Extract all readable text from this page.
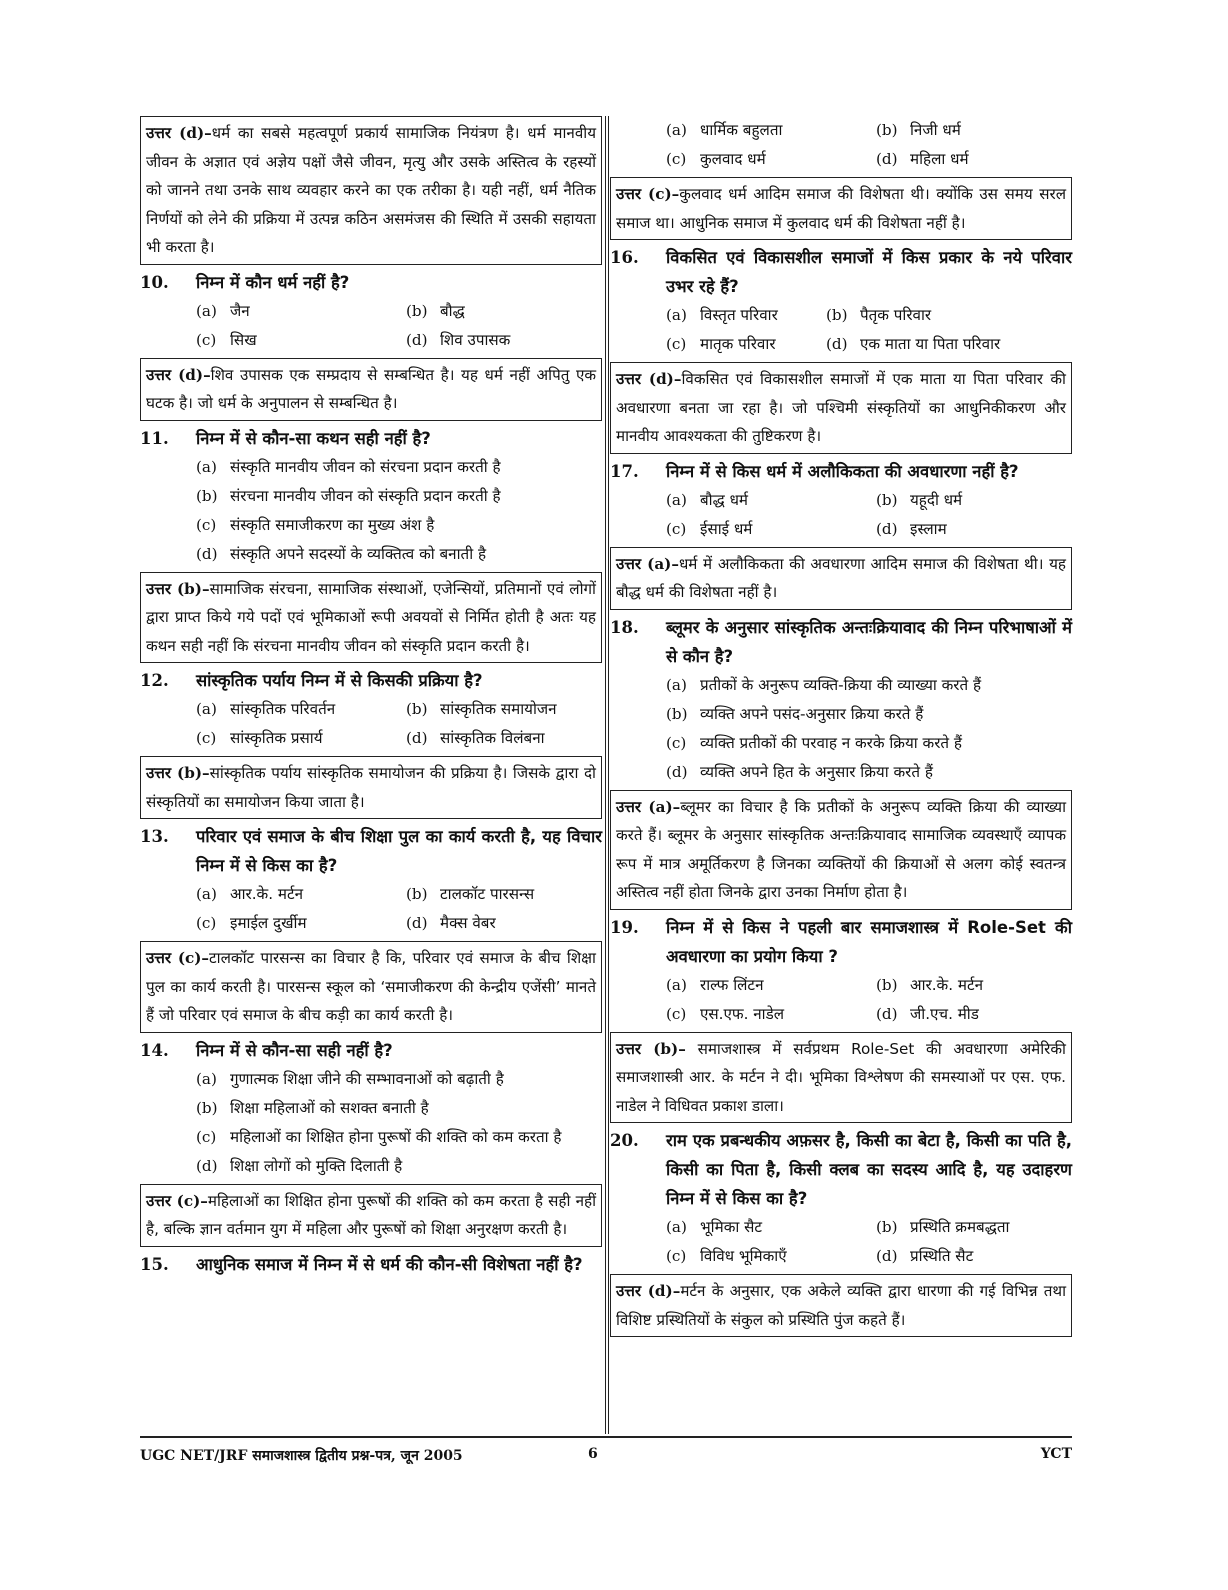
उत्तर (d)–धर्म का सबसे महत्वपूर्ण प्रकार्य सामाजिक नियंत्रण है। धर्म मानवीय जीवन के अज्ञात एवं अज्ञेय पक्षों जैसे जीवन, मृत्यु और उसके अस्तित्व के रहस्यों को जानने तथा उनके साथ व्यवहार करने का एक तरीका है। यही नहीं, धर्म नैतिक निर्णयों को लेने की प्रक्रिया में उत्पन्न कठिन असमंजस की स्थिति में उसकी सहायता भी करता है।
10.	निम्न में कौन धर्म नहीं है?
(a) जैन	(b) बौद्ध
(c) सिख	(d) शिव उपासक
उत्तर (d)–शिव उपासक एक सम्प्रदाय से सम्बन्धित है। यह धर्म नहीं अपितु एक घटक है। जो धर्म के अनुपालन से सम्बन्धित है।
11.	निम्न में से कौन-सा कथन सही नहीं है?
(a) संस्कृति मानवीय जीवन को संरचना प्रदान करती है
(b) संरचना मानवीय जीवन को संस्कृति प्रदान करती है
(c) संस्कृति समाजीकरण का मुख्य अंश है
(d) संस्कृति अपने सदस्यों के व्यक्तित्व को बनाती है
उत्तर (b)–सामाजिक संरचना, सामाजिक संस्थाओं, एजेन्सियों, प्रतिमानों एवं लोगों द्वारा प्राप्त किये गये पदों एवं भूमिकाओं रूपी अवयवों से निर्मित होती है अतः यह कथन सही नहीं कि संरचना मानवीय जीवन को संस्कृति प्रदान करती है।
12.	सांस्कृतिक पर्याय निम्न में से किसकी प्रक्रिया है?
(a) सांस्कृतिक परिवर्तन	(b) सांस्कृतिक समायोजन
(c) सांस्कृतिक प्रसार्य	(d) सांस्कृतिक विलंबना
उत्तर (b)–सांस्कृतिक पर्याय सांस्कृतिक समायोजन की प्रक्रिया है। जिसके द्वारा दो संस्कृतियों का समायोजन किया जाता है।
13.	परिवार एवं समाज के बीच शिक्षा पुल का कार्य करती है, यह विचार निम्न में से किस का है?
(a) आर.के. मर्टन	(b) टालकॉट पारसन्स
(c) इमाईल दुर्खीम	(d) मैक्स वेबर
उत्तर (c)–टालकॉट पारसन्स का विचार है कि, परिवार एवं समाज के बीच शिक्षा पुल का कार्य करती है। पारसन्स स्कूल को ‘समाजीकरण की केन्द्रीय एजेंसी’ मानते हैं जो परिवार एवं समाज के बीच कड़ी का कार्य करती है।
14.	निम्न में से कौन-सा सही नहीं है?
(a) गुणात्मक शिक्षा जीने की सम्भावनाओं को बढ़ाती है
(b) शिक्षा महिलाओं को सशक्त बनाती है
(c) महिलाओं का शिक्षित होना पुरूषों की शक्ति को कम करता है
(d) शिक्षा लोगों को मुक्ति दिलाती है
उत्तर (c)–महिलाओं का शिक्षित होना पुरूषों की शक्ति को कम करता है सही नहीं है, बल्कि ज्ञान वर्तमान युग में महिला और पुरूषों को शिक्षा अनुरक्षण करती है।
15.	आधुनिक समाज में निम्न में से धर्म की कौन-सी विशेषता नहीं है?
(a) धार्मिक बहुलता	(b) निजी धर्म
(c) कुलवाद धर्म	(d) महिला धर्म
उत्तर (c)–कुलवाद धर्म आदिम समाज की विशेषता थी। क्योंकि उस समय सरल समाज था। आधुनिक समाज में कुलवाद धर्म की विशेषता नहीं है।
16.	विकसित एवं विकासशील समाजों में किस प्रकार के नये परिवार उभर रहे हैं?
(a) विस्तृत परिवार	(b) पैतृक परिवार
(c) मातृक परिवार	(d) एक माता या पिता परिवार
उत्तर (d)–विकसित एवं विकासशील समाजों में एक माता या पिता परिवार की अवधारणा बनता जा रहा है। जो पश्चिमी संस्कृतियों का आधुनिकीकरण और मानवीय आवश्यकता की तुष्टिकरण है।
17.	निम्न में से किस धर्म में अलौकिकता की अवधारणा नहीं है?
(a) बौद्ध धर्म	(b) यहूदी धर्म
(c) ईसाई धर्म	(d) इस्लाम
उत्तर (a)–धर्म में अलौकिकता की अवधारणा आदिम समाज की विशेषता थी। यह बौद्ध धर्म की विशेषता नहीं है।
18.	ब्लूमर के अनुसार सांस्कृतिक अन्तःक्रियावाद की निम्न परिभाषाओं में से कौन है?
(a) प्रतीकों के अनुरूप व्यक्ति-क्रिया की व्याख्या करते हैं
(b) व्यक्ति अपने पसंद-अनुसार क्रिया करते हैं
(c) व्यक्ति प्रतीकों की परवाह न करके क्रिया करते हैं
(d) व्यक्ति अपने हित के अनुसार क्रिया करते हैं
उत्तर (a)–ब्लूमर का विचार है कि प्रतीकों के अनुरूप व्यक्ति क्रिया की व्याख्या करते हैं। ब्लूमर के अनुसार सांस्कृतिक अन्तःक्रियावाद सामाजिक व्यवस्थाएँ व्यापक रूप में मात्र अमूर्तिकरण है जिनका व्यक्तियों की क्रियाओं से अलग कोई स्वतन्त्र अस्तित्व नहीं होता जिनके द्वारा उनका निर्माण होता है।
19.	निम्न में से किस ने पहली बार समाजशास्त्र में Role-Set की अवधारणा का प्रयोग किया ?
(a) राल्फ लिंटन	(b) आर.के. मर्टन
(c) एस.एफ. नाडेल	(d) जी.एच. मीड
उत्तर (b)– समाजशास्त्र में सर्वप्रथम Role-Set की अवधारणा अमेरिकी समाजशास्त्री आर. के मर्टन ने दी। भूमिका विश्लेषण की समस्याओं पर एस. एफ. नाडेल ने विधिवत प्रकाश डाला।
20.	राम एक प्रबन्धकीय अफ़सर है, किसी का बेटा है, किसी का पति है, किसी का पिता है, किसी क्लब का सदस्य आदि है, यह उदाहरण निम्न में से किस का है?
(a) भूमिका सैट	(b) प्रस्थिति क्रमबद्धता
(c) विविध भूमिकाएँ	(d) प्रस्थिति सैट
उत्तर (d)–मर्टन के अनुसार, एक अकेले व्यक्ति द्वारा धारणा की गई विभिन्न तथा विशिष्ट प्रस्थितियों के संकुल को प्रस्थिति पुंज कहते हैं।
UGC NET/JRF समाजशास्त्र द्वितीय प्रश्न-पत्र, जून 2005	6	YCT
